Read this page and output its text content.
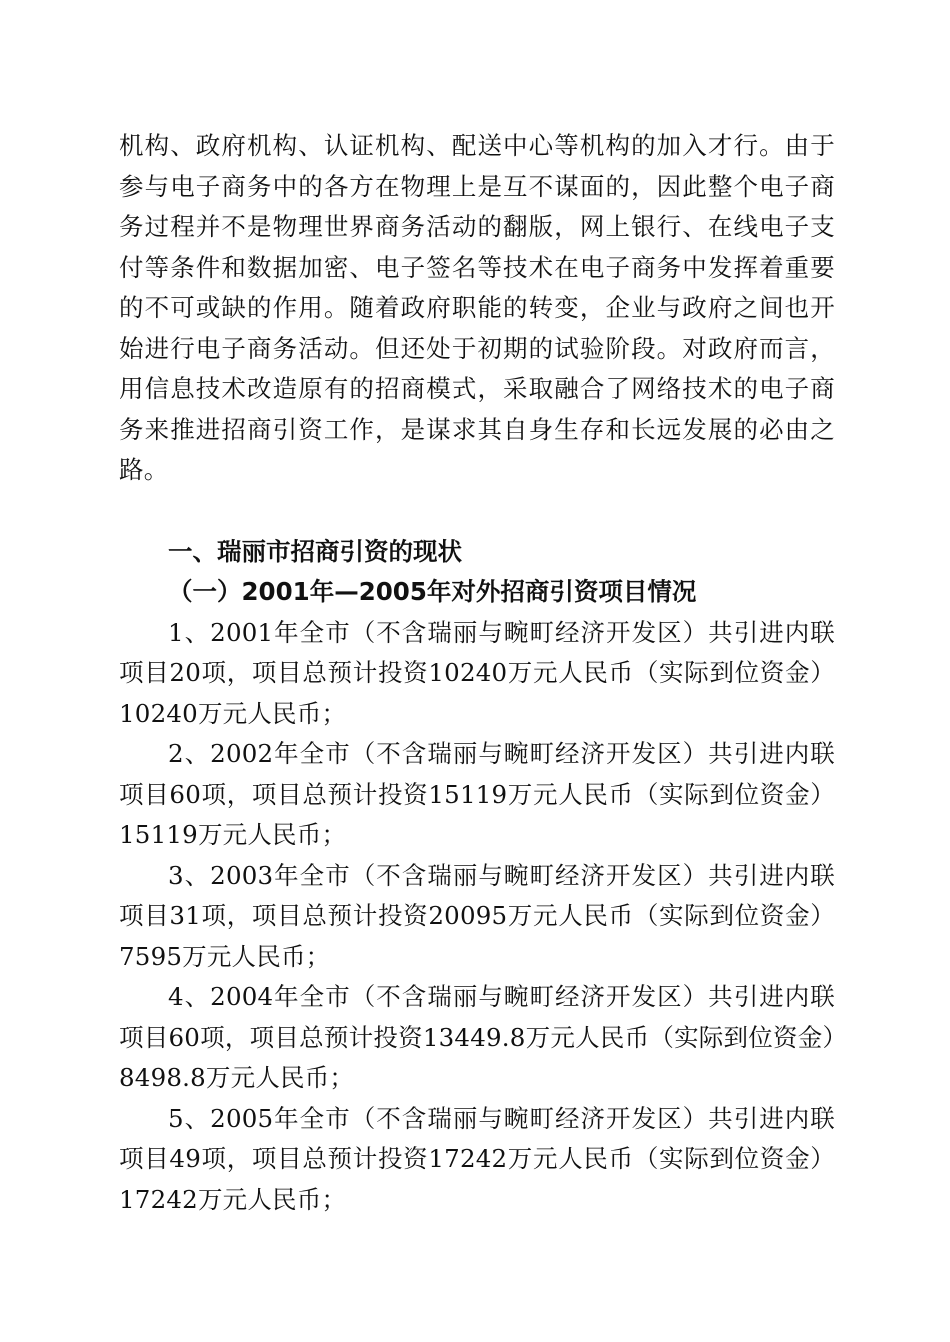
机构、政府机构、认证机构、配送中心等机构的加入才行。由于参与电子商务中的各方在物理上是互不谋面的，因此整个电子商务过程并不是物理世界商务活动的翻版，网上银行、在线电子支付等条件和数据加密、电子签名等技术在电子商务中发挥着重要的不可或缺的作用。随着政府职能的转变，企业与政府之间也开始进行电子商务活动。但还处于初期的试验阶段。对政府而言，用信息技术改造原有的招商模式，采取融合了网络技术的电子商务来推进招商引资工作，是谋求其自身生存和长远发展的必由之路。

一、瑞丽市招商引资的现状

（一）2001年—2005年对外招商引资项目情况

1、2001年全市（不含瑞丽与畹町经济开发区）共引进内联项目20项，项目总预计投资10240万元人民币（实际到位资金）10240万元人民币；

2、2002年全市（不含瑞丽与畹町经济开发区）共引进内联项目60项，项目总预计投资15119万元人民币（实际到位资金）15119万元人民币；

3、2003年全市（不含瑞丽与畹町经济开发区）共引进内联项目31项，项目总预计投资20095万元人民币（实际到位资金）7595万元人民币；

4、2004年全市（不含瑞丽与畹町经济开发区）共引进内联项目60项，项目总预计投资13449.8万元人民币（实际到位资金）8498.8万元人民币；

5、2005年全市（不含瑞丽与畹町经济开发区）共引进内联项目49项，项目总预计投资17242万元人民币（实际到位资金）17242万元人民币；
